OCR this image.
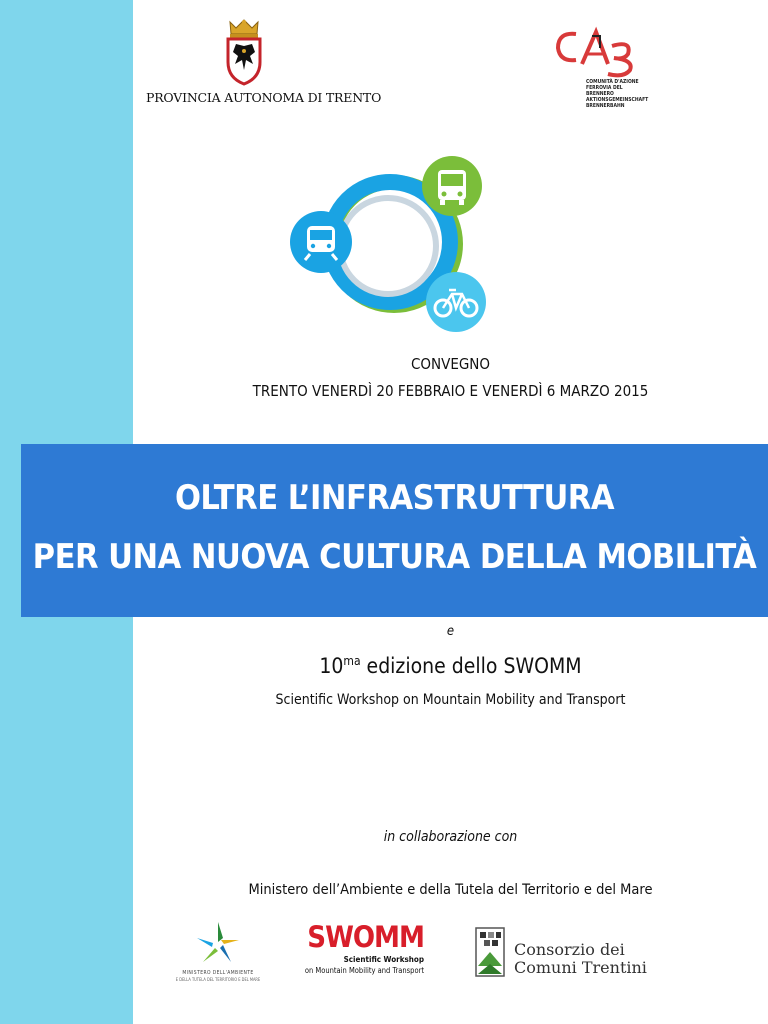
PROVINCIA AUTONOMA DI TRENTO
COMUNITÀ D'AZIONE
FERROVIA DEL BRENNERO
AKTIONSGEMEINSCHAFT
BRENNERBAHN
CONVEGNO
TRENTO VENERDÌ 20 FEBBRAIO E VENERDÌ 6 MARZO 2015
OLTRE L’INFRASTRUTTURA
PER UNA NUOVA CULTURA DELLA MOBILITÀ
e
$10^{ma}$ edizione dello SWOMM
Scientific Workshop on Mountain Mobility and Transport
in collaborazione con
Ministero dell’Ambiente e della Tutela del Territorio e del Mare
MINISTERO DELL'AMBIENTE
E DELLA TUTELA DEL TERRITORIO E DEL MARE
SWOMM
Scientific Workshop
on Mountain Mobility and Transport
Consorzio dei
Comuni Trentini
